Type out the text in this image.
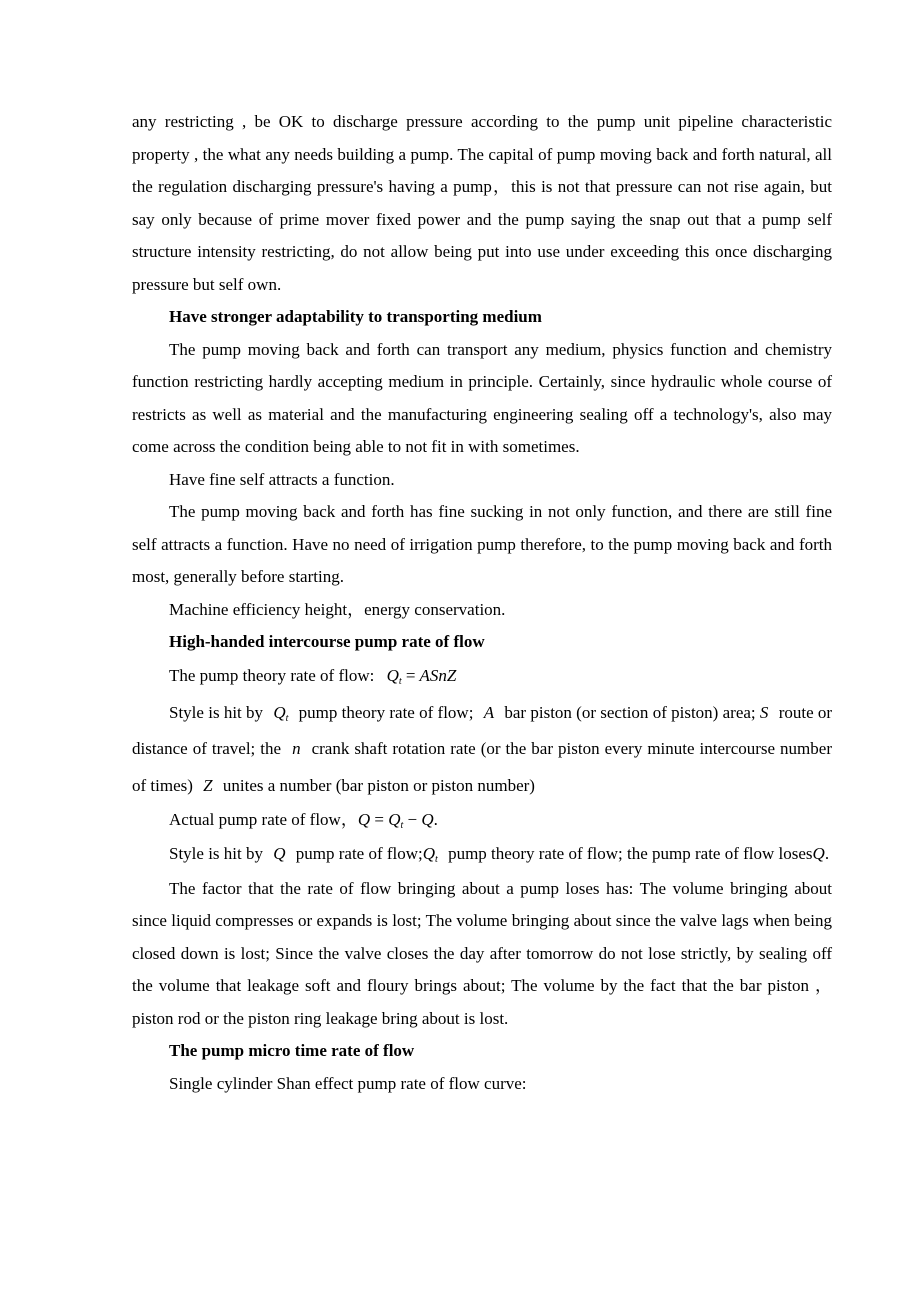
any restricting , be OK to discharge pressure according to the pump unit pipeline characteristic property , the what any needs building a pump. The capital of pump moving back and forth natural, all the regulation discharging pressure's having a pump，this is not that pressure can not rise again, but say only because of prime mover fixed power and the pump saying the snap out that a pump self structure intensity restricting, do not allow being put into use under exceeding this once discharging pressure but self own.

Have stronger adaptability to transporting medium

The pump moving back and forth can transport any medium, physics function and chemistry function restricting hardly accepting medium in principle. Certainly, since hydraulic whole course of restricts as well as material and the manufacturing engineering sealing off a technology's, also may come across the condition being able to not fit in with sometimes.

Have fine self attracts a function.

The pump moving back and forth has fine sucking in not only function, and there are still fine self attracts a function. Have no need of irrigation pump therefore, to the pump moving back and forth most, generally before starting.

Machine efficiency height，energy conservation.

High-handed intercourse pump rate of flow

The pump theory rate of flow: $Q_t$ = ASnZ

Style is hit by $Q_t$ pump theory rate of flow; A bar piston (or section of piston) area; S route or distance of travel; the n crank shaft rotation rate (or the bar piston every minute intercourse number of times) Z unites a number (bar piston or piston number)

Actual pump rate of flow，$Q = Q_t - Q$.

Style is hit by Q pump rate of $flow;Q_t$ pump theory rate of flow; the pump rate of flow losesQ.

The factor that the rate of flow bringing about a pump loses has: The volume bringing about since liquid compresses or expands is lost; The volume bringing about since the valve lags when being closed down is lost; Since the valve closes the day after tomorrow do not lose strictly, by sealing off the volume that leakage soft and floury brings about; The volume by the fact that the bar piston ，piston rod or the piston ring leakage bring about is lost.

The pump micro time rate of flow

Single cylinder Shan effect pump rate of flow curve:
